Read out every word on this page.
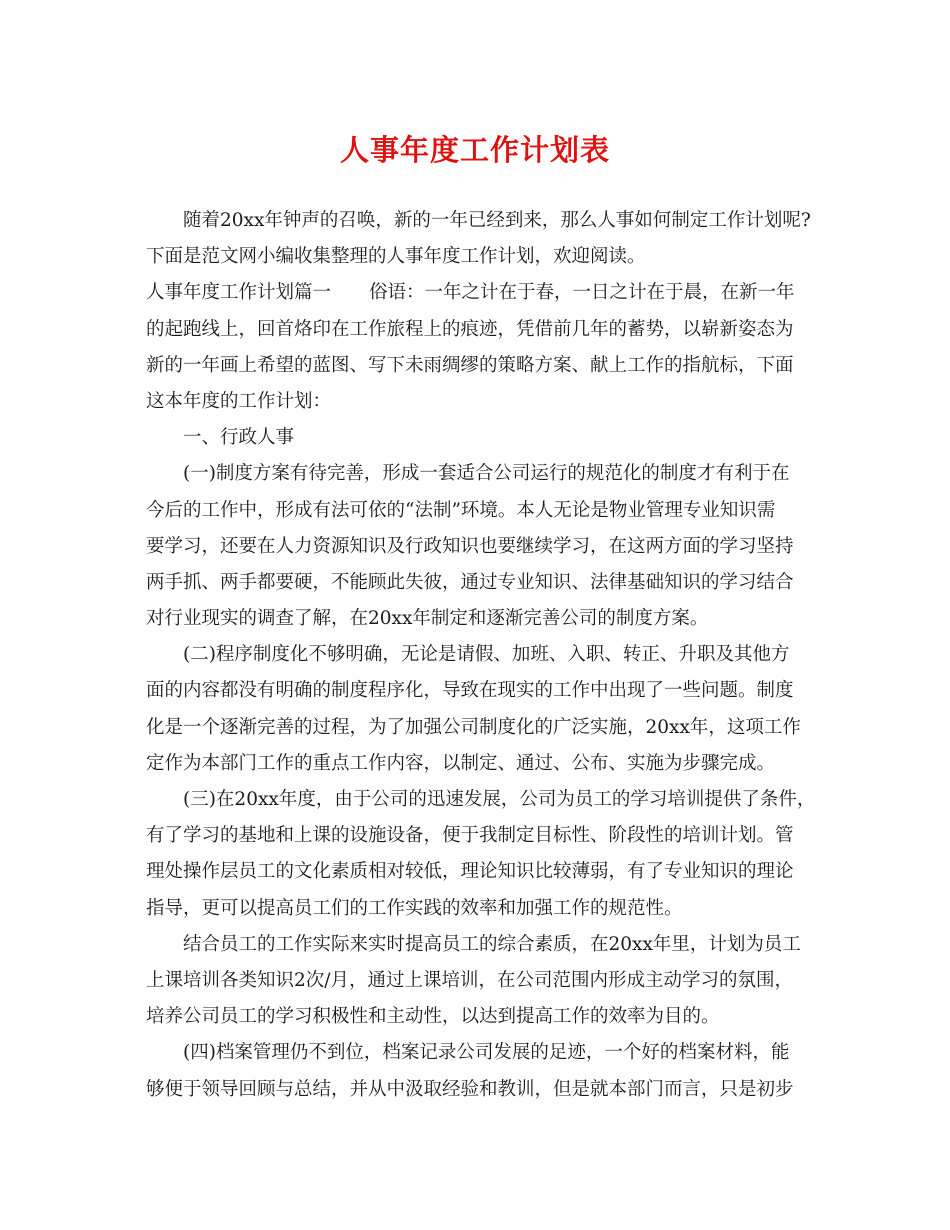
人事年度工作计划表
随着20xx年钟声的召唤，新的一年已经到来，那么人事如何制定工作计划呢?
下面是范文网小编收集整理的人事年度工作计划，欢迎阅读。
人事年度工作计划篇一 俗语：一年之计在于春，一日之计在于晨，在新一年
的起跑线上，回首烙印在工作旅程上的痕迹，凭借前几年的蓄势，以崭新姿态为
新的一年画上希望的蓝图、写下未雨绸缪的策略方案、献上工作的指航标，下面
这本年度的工作计划：
一、行政人事
(一)制度方案有待完善，形成一套适合公司运行的规范化的制度才有利于在
今后的工作中，形成有法可依的“法制”环境。本人无论是物业管理专业知识需
要学习，还要在人力资源知识及行政知识也要继续学习，在这两方面的学习坚持
两手抓、两手都要硬，不能顾此失彼，通过专业知识、法律基础知识的学习结合
对行业现实的调查了解，在20xx年制定和逐渐完善公司的制度方案。
(二)程序制度化不够明确，无论是请假、加班、入职、转正、升职及其他方
面的内容都没有明确的制度程序化，导致在现实的工作中出现了一些问题。制度
化是一个逐渐完善的过程，为了加强公司制度化的广泛实施，20xx年，这项工作
定作为本部门工作的重点工作内容，以制定、通过、公布、实施为步骤完成。
(三)在20xx年度，由于公司的迅速发展，公司为员工的学习培训提供了条件，
有了学习的基地和上课的设施设备，便于我制定目标性、阶段性的培训计划。管
理处操作层员工的文化素质相对较低，理论知识比较薄弱，有了专业知识的理论
指导，更可以提高员工们的工作实践的效率和加强工作的规范性。
结合员工的工作实际来实时提高员工的综合素质，在20xx年里，计划为员工
上课培训各类知识2次/月，通过上课培训，在公司范围内形成主动学习的氛围，
培养公司员工的学习积极性和主动性，以达到提高工作的效率为目的。
(四)档案管理仍不到位，档案记录公司发展的足迹，一个好的档案材料，能
够便于领导回顾与总结，并从中汲取经验和教训，但是就本部门而言，只是初步
